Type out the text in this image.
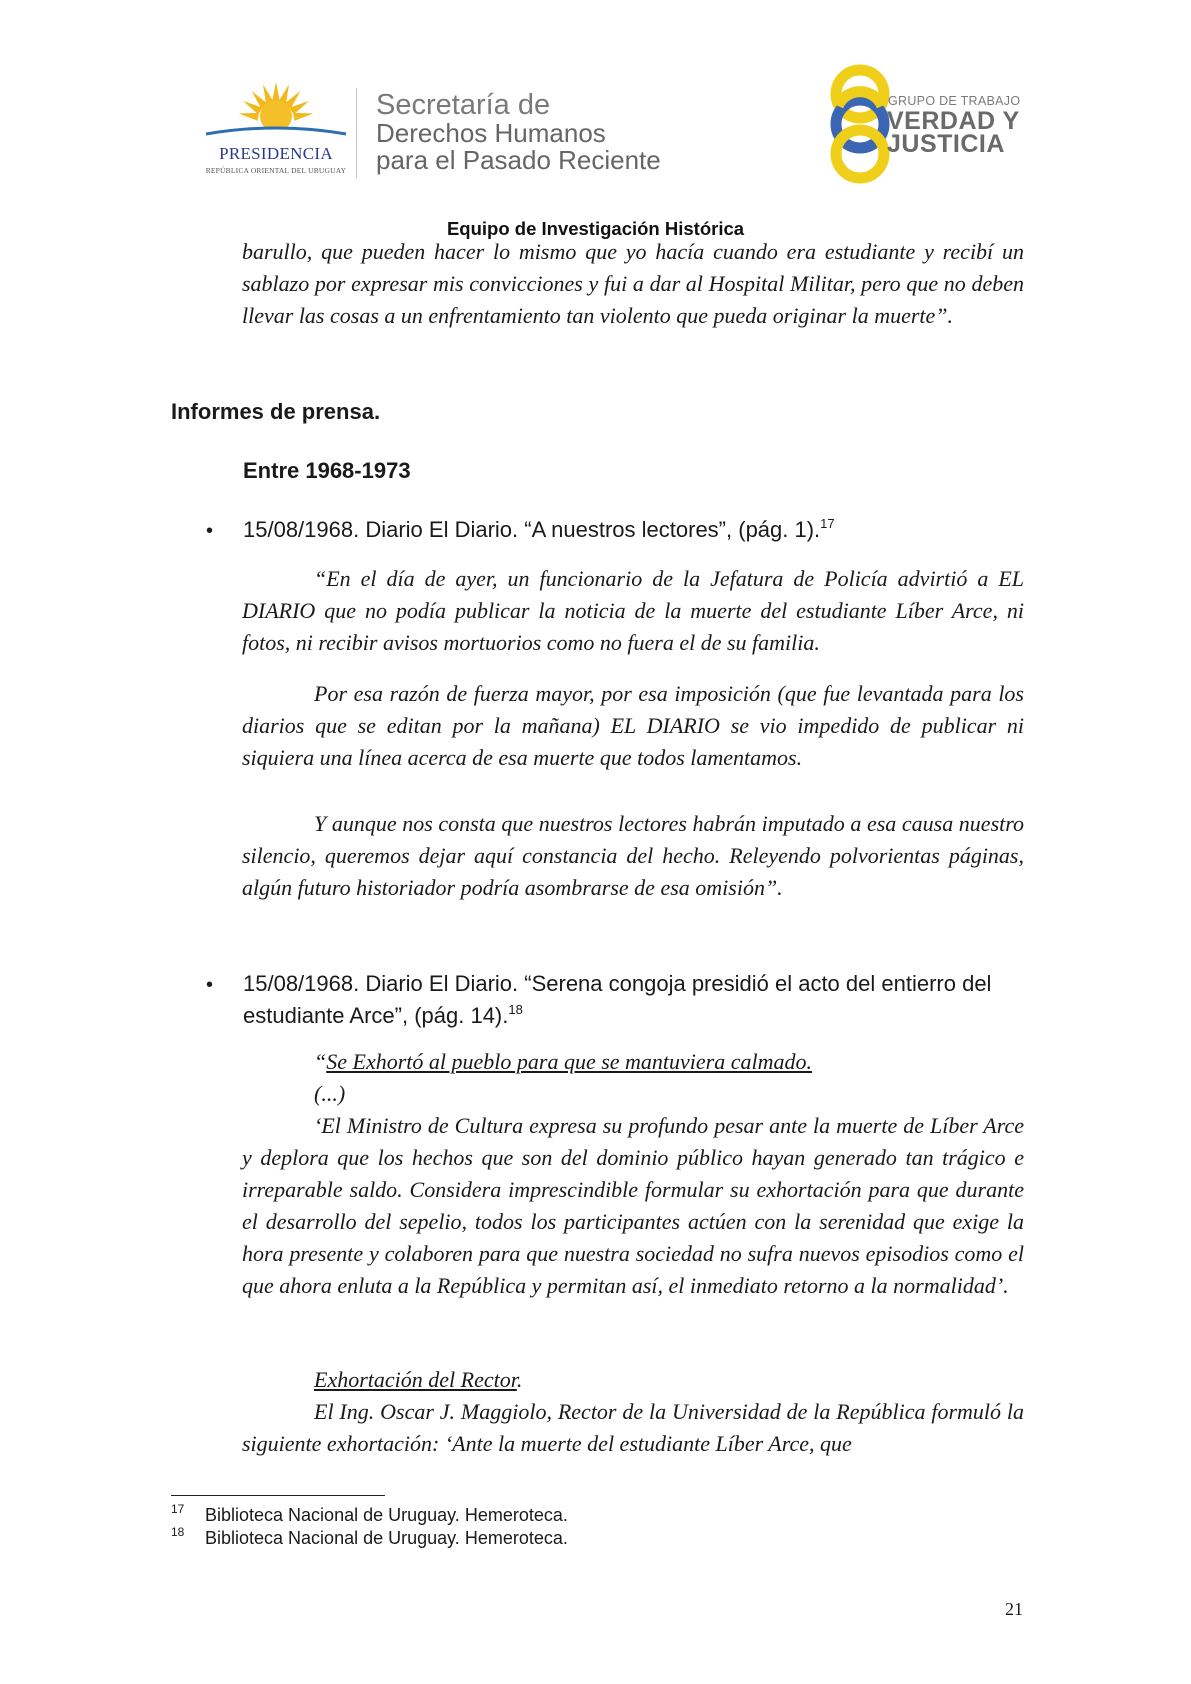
PRESIDENCIA
REPÚBLICA ORIENTAL DEL URUGUAY
Secretaría de
Derechos Humanos
para el Pasado Reciente
GRUPO DE TRABAJO
VERDAD Y
JUSTICIA
Equipo de Investigación Histórica
barullo, que pueden hacer lo mismo que yo hacía cuando era estudiante y recibí un sablazo por expresar mis convicciones y fui a dar al Hospital Militar, pero que no deben llevar las cosas a un enfrentamiento tan violento que pueda originar la muerte”.
Informes de prensa.
Entre 1968-1973
• 15/08/1968. Diario El Diario. “A nuestros lectores”, (pág. 1).$^{17}$
“En el día de ayer, un funcionario de la Jefatura de Policía advirtió a EL DIARIO que no podía publicar la noticia de la muerte del estudiante Líber Arce, ni fotos, ni recibir avisos mortuorios como no fuera el de su familia.
Por esa razón de fuerza mayor, por esa imposición (que fue levantada para los diarios que se editan por la mañana) EL DIARIO se vio impedido de publicar ni siquiera una línea acerca de esa muerte que todos lamentamos.
Y aunque nos consta que nuestros lectores habrán imputado a esa causa nuestro silencio, queremos dejar aquí constancia del hecho. Releyendo polvorientas páginas, algún futuro historiador podría asombrarse de esa omisión”.
• 15/08/1968. Diario El Diario. “Serena congoja presidió el acto del entierro del estudiante Arce”, (pág. 14).$^{18}$
“Se Exhortó al pueblo para que se mantuviera calmado.
(...)
‘El Ministro de Cultura expresa su profundo pesar ante la muerte de Líber Arce y deplora que los hechos que son del dominio público hayan generado tan trágico e irreparable saldo. Considera imprescindible formular su exhortación para que durante el desarrollo del sepelio, todos los participantes actúen con la serenidad que exige la hora presente y colaboren para que nuestra sociedad no sufra nuevos episodios como el que ahora enluta a la República y permitan así, el inmediato retorno a la normalidad’.
Exhortación del Rector.
El Ing. Oscar J. Maggiolo, Rector de la Universidad de la República formuló la siguiente exhortación: ‘Ante la muerte del estudiante Líber Arce, que
17 Biblioteca Nacional de Uruguay. Hemeroteca.
18 Biblioteca Nacional de Uruguay. Hemeroteca.
21
